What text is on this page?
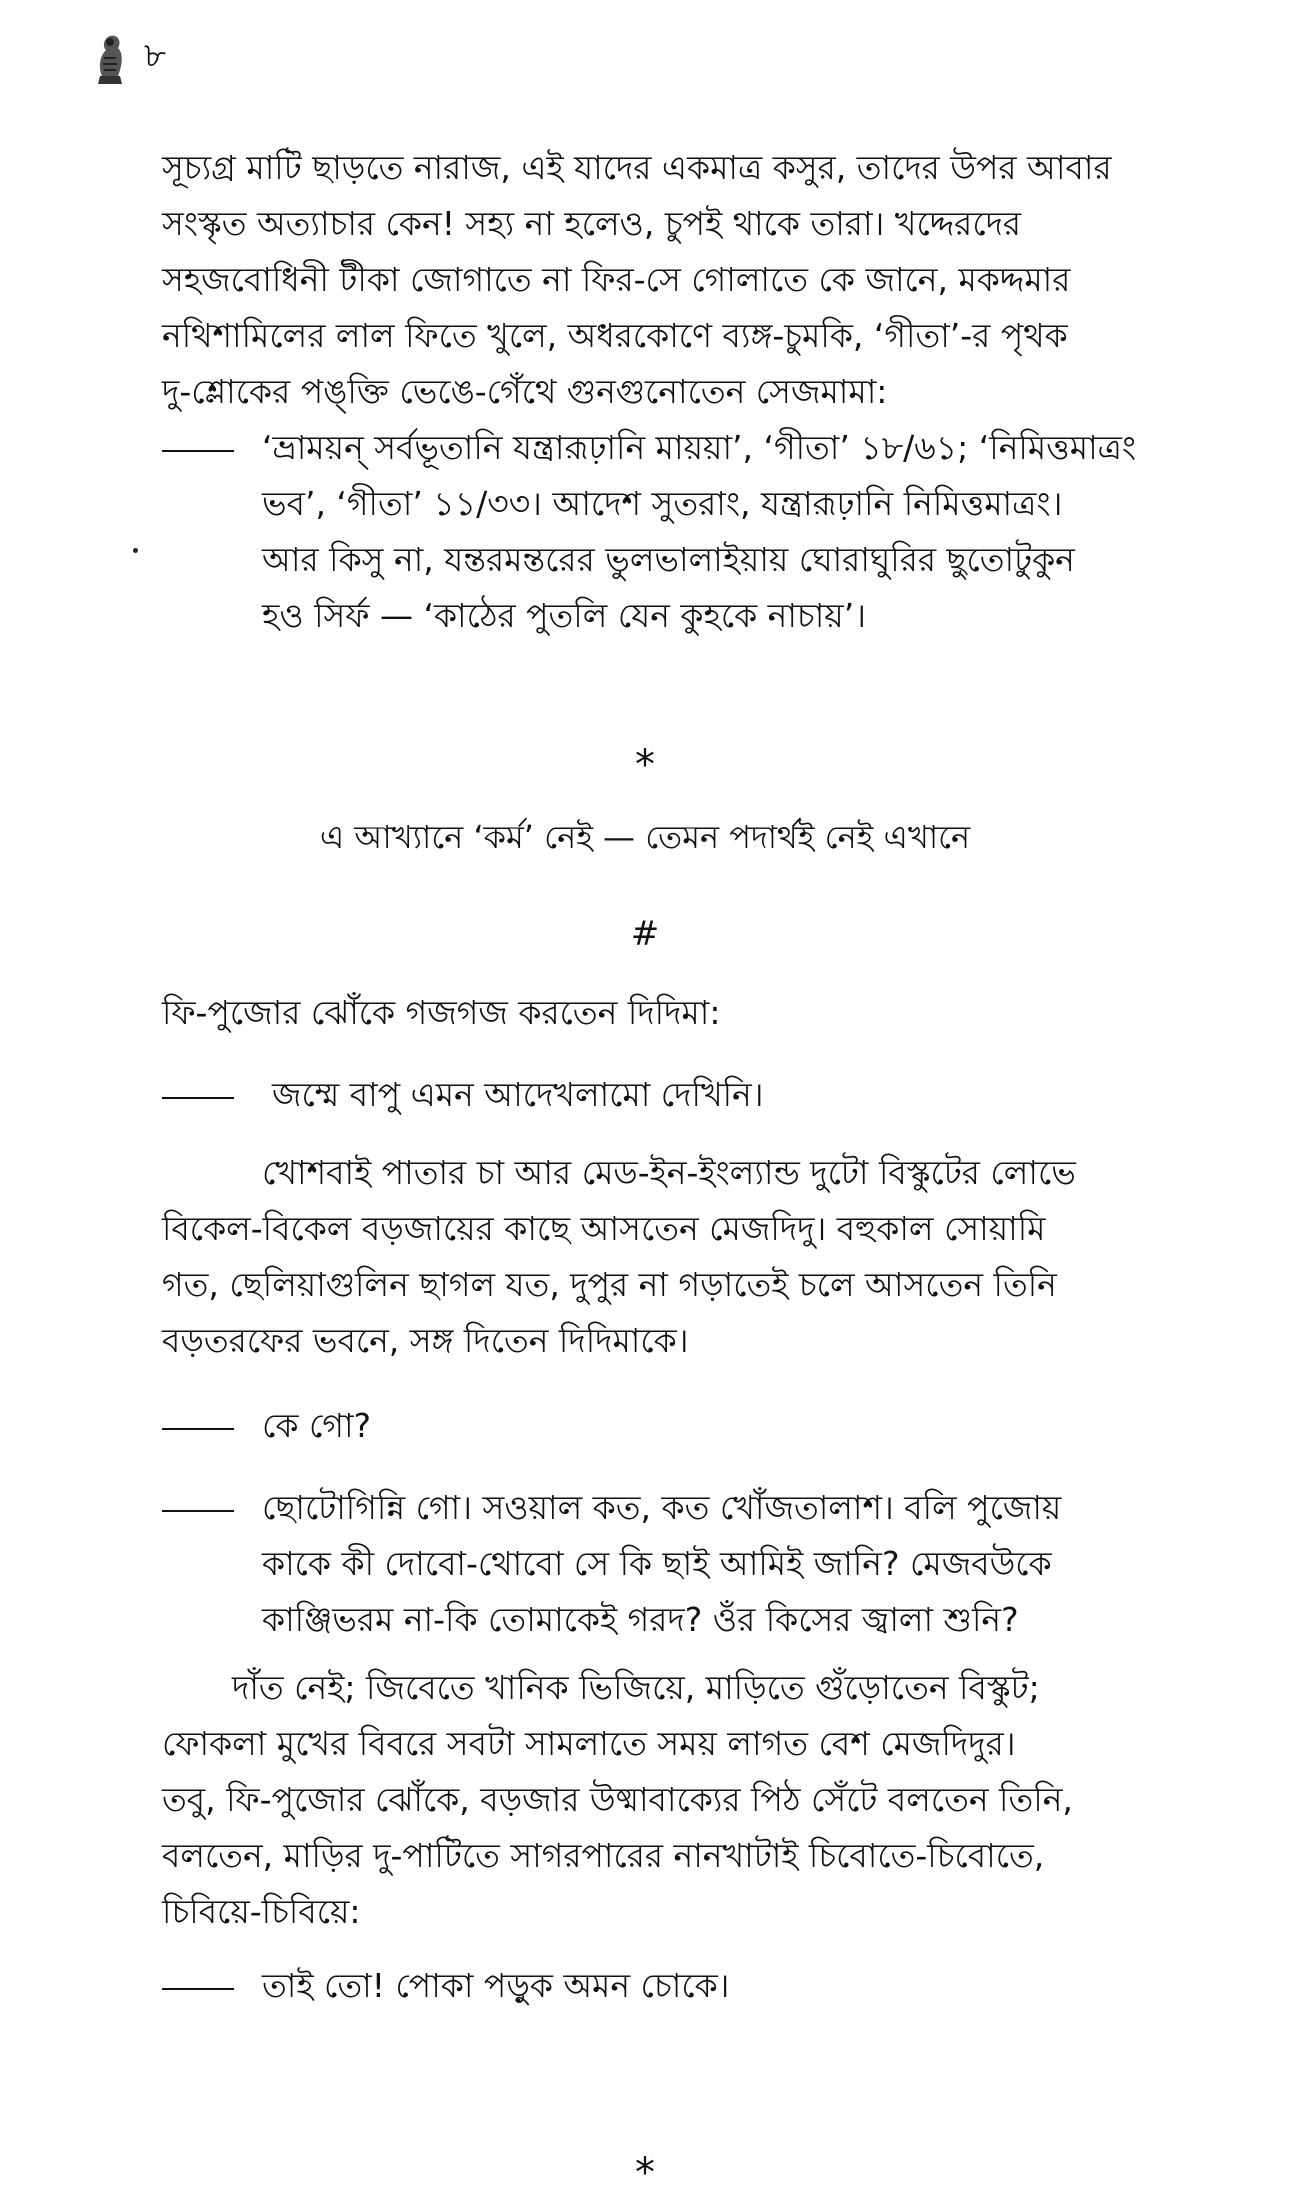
৮
সূচ্যগ্র মাটি ছাড়তে নারাজ, এই যাদের একমাত্র কসুর, তাদের উপর আবার
সংস্কৃত অত্যাচার কেন! সহ্য না হলেও, চুপই থাকে তারা। খদ্দেরদের
সহজবোধিনী টীকা জোগাতে না ফির-সে গোলাতে কে জানে, মকদ্দমার
নথিশামিলের লাল ফিতে খুলে, অধরকোণে ব্যঙ্গ-চুমকি, ‘গীতা’-র পৃথক
দু-শ্লোকের পঙ্‌ক্তি ভেঙে-গেঁথে গুনগুনোতেন সেজমামা:
‘ভ্রাময়ন্‌ সর্বভূতানি যন্ত্রারূঢ়ানি মায়য়া’, ‘গীতা’ ১৮/৬১; ‘নিমিত্তমাত্রং
ভব’, ‘গীতা’ ১১/৩৩। আদেশ সুতরাং, যন্ত্রারূঢ়ানি নিমিত্তমাত্রং।
আর কিসু না, যন্তরমন্তরের ভুলভালাইয়ায় ঘোরাঘুরির ছুতোটুকুন
হও সির্ফ — ‘কাঠের পুতলি যেন কুহকে নাচায়’।
*
এ আখ্যানে ‘কর্ম’ নেই — তেমন পদার্থই নেই এখানে
#
ফি-পুজোর ঝোঁকে গজগজ করতেন দিদিমা:
জম্মে বাপু এমন আদেখলামো দেখিনি।
খোশবাই পাতার চা আর মেড-ইন-ইংল্যান্ড দুটো বিস্কুটের লোভে
বিকেল-বিকেল বড়জায়ের কাছে আসতেন মেজদিদু। বহুকাল সোয়ামি
গত, ছেলিয়াগুলিন ছাগল যত, দুপুর না গড়াতেই চলে আসতেন তিনি
বড়তরফের ভবনে, সঙ্গ দিতেন দিদিমাকে।
কে গো?
ছোটোগিন্নি গো। সওয়াল কত, কত খোঁজতালাশ। বলি পুজোয়
কাকে কী দোবো-থোবো সে কি ছাই আমিই জানি? মেজবউকে
কাঞ্জিভরম না-কি তোমাকেই গরদ? ওঁর কিসের জ্বালা শুনি?
দাঁত নেই; জিবেতে খানিক ভিজিয়ে, মাড়িতে গুঁড়োতেন বিস্কুট;
ফোকলা মুখের বিবরে সবটা সামলাতে সময় লাগত বেশ মেজদিদুর।
তবু, ফি-পুজোর ঝোঁকে, বড়জার উষ্মাবাক্যের পিঠ সেঁটে বলতেন তিনি,
বলতেন, মাড়ির দু-পাটিতে সাগরপারের নানখাটাই চিবোতে-চিবোতে,
চিবিয়ে-চিবিয়ে:
তাই তো! পোকা পড়ুক অমন চোকে।
*
